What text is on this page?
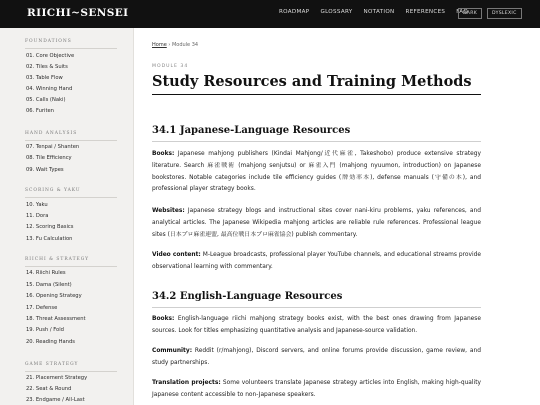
RIICHI~SENSEI	ROADMAP GLOSSARY NOTATION REFERENCES FAQ
DARK	DYSLEXIC
FOUNDATIONS
01. Core Objective
02. Tiles & Suits
03. Table Flow
04. Winning Hand
05. Calls (Naki)
06. Furiten
HAND ANALYSIS
07. Tenpai / Shanten
08. Tile Efficiency
09. Wait Types
SCORING & YAKU
10. Yaku
11. Dora
12. Scoring Basics
13. Fu Calculation
RIICHI & STRATEGY
14. Riichi Rules
15. Dama (Silent)
16. Opening Strategy
17. Defense
18. Threat Assessment
19. Push / Fold
20. Reading Hands
GAME STRATEGY
21. Placement Strategy
22. Seat & Round
23. Endgame / All-Last
Home › Module 34
MODULE 34
Study Resources and Training Methods
34.1 Japanese-Language Resources

Books: Japanese mahjong publishers (Kindai Mahjong/近代麻雀, Takeshobo) produce extensive strategy literature. Search 麻雀戦術 (mahjong senjutsu) or 麻雀入門 (mahjong nyuumon, introduction) on Japanese bookstores. Notable categories include tile efficiency guides (牌効率本), defense manuals (守備の本), and professional player strategy books.

Websites: Japanese strategy blogs and instructional sites cover nani-kiru problems, yaku references, and analytical articles. The Japanese Wikipedia mahjong articles are reliable rule references. Professional league sites (日本プロ麻雀連盟, 最高位戦日本プロ麻雀協会) publish commentary.

Video content: M-League broadcasts, professional player YouTube channels, and educational streams provide observational learning with commentary.

34.2 English-Language Resources

Books: English-language riichi mahjong strategy books exist, with the best ones drawing from Japanese sources. Look for titles emphasizing quantitative analysis and Japanese-source validation.

Community: Reddit (r/mahjong), Discord servers, and online forums provide discussion, game review, and study partnerships.

Translation projects: Some volunteers translate Japanese strategy articles into English, making high-quality Japanese content accessible to non-Japanese speakers.
